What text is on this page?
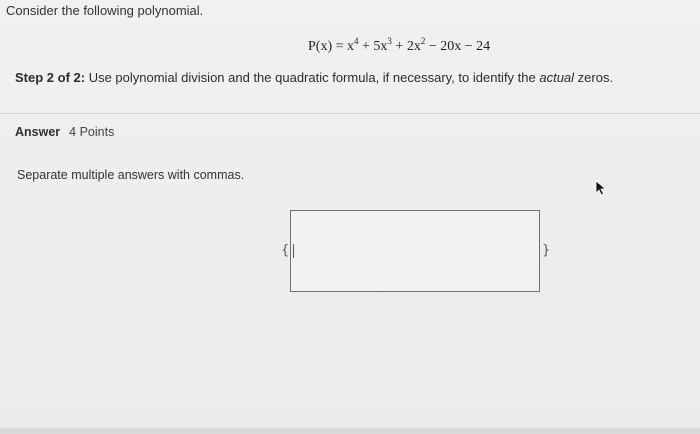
Consider the following polynomial.
$P(x) = x^4 + 5x^3 + 2x^2 - 20x - 24$
Step 2 of 2: Use polynomial division and the quadratic formula, if necessary, to identify the actual zeros.
Answer 4 Points
Separate multiple answers with commas.
{	}
